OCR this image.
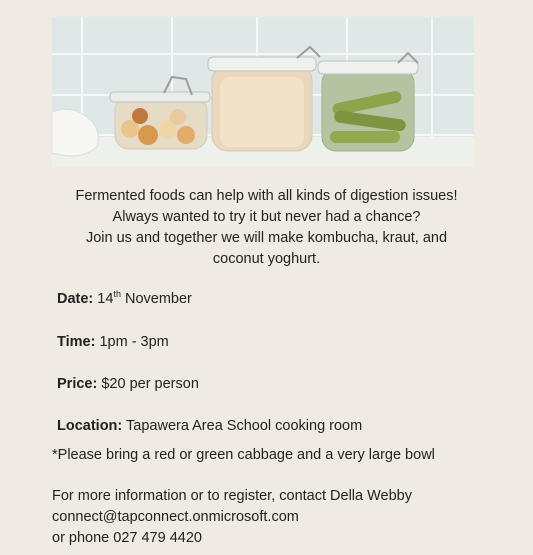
Fermented foods can help with all kinds of digestion issues!
Always wanted to try it but never had a chance?
Join us and together we will make kombucha, kraut, and
coconut yoghurt.
Date: 14th November
Time: 1pm - 3pm
Price: $20 per person
Location: Tapawera Area School cooking room
*Please bring a red or green cabbage and a very large bowl
For more information or to register, contact Della Webby
connect@tapconnect.onmicrosoft.com
or phone 027 479 4420
